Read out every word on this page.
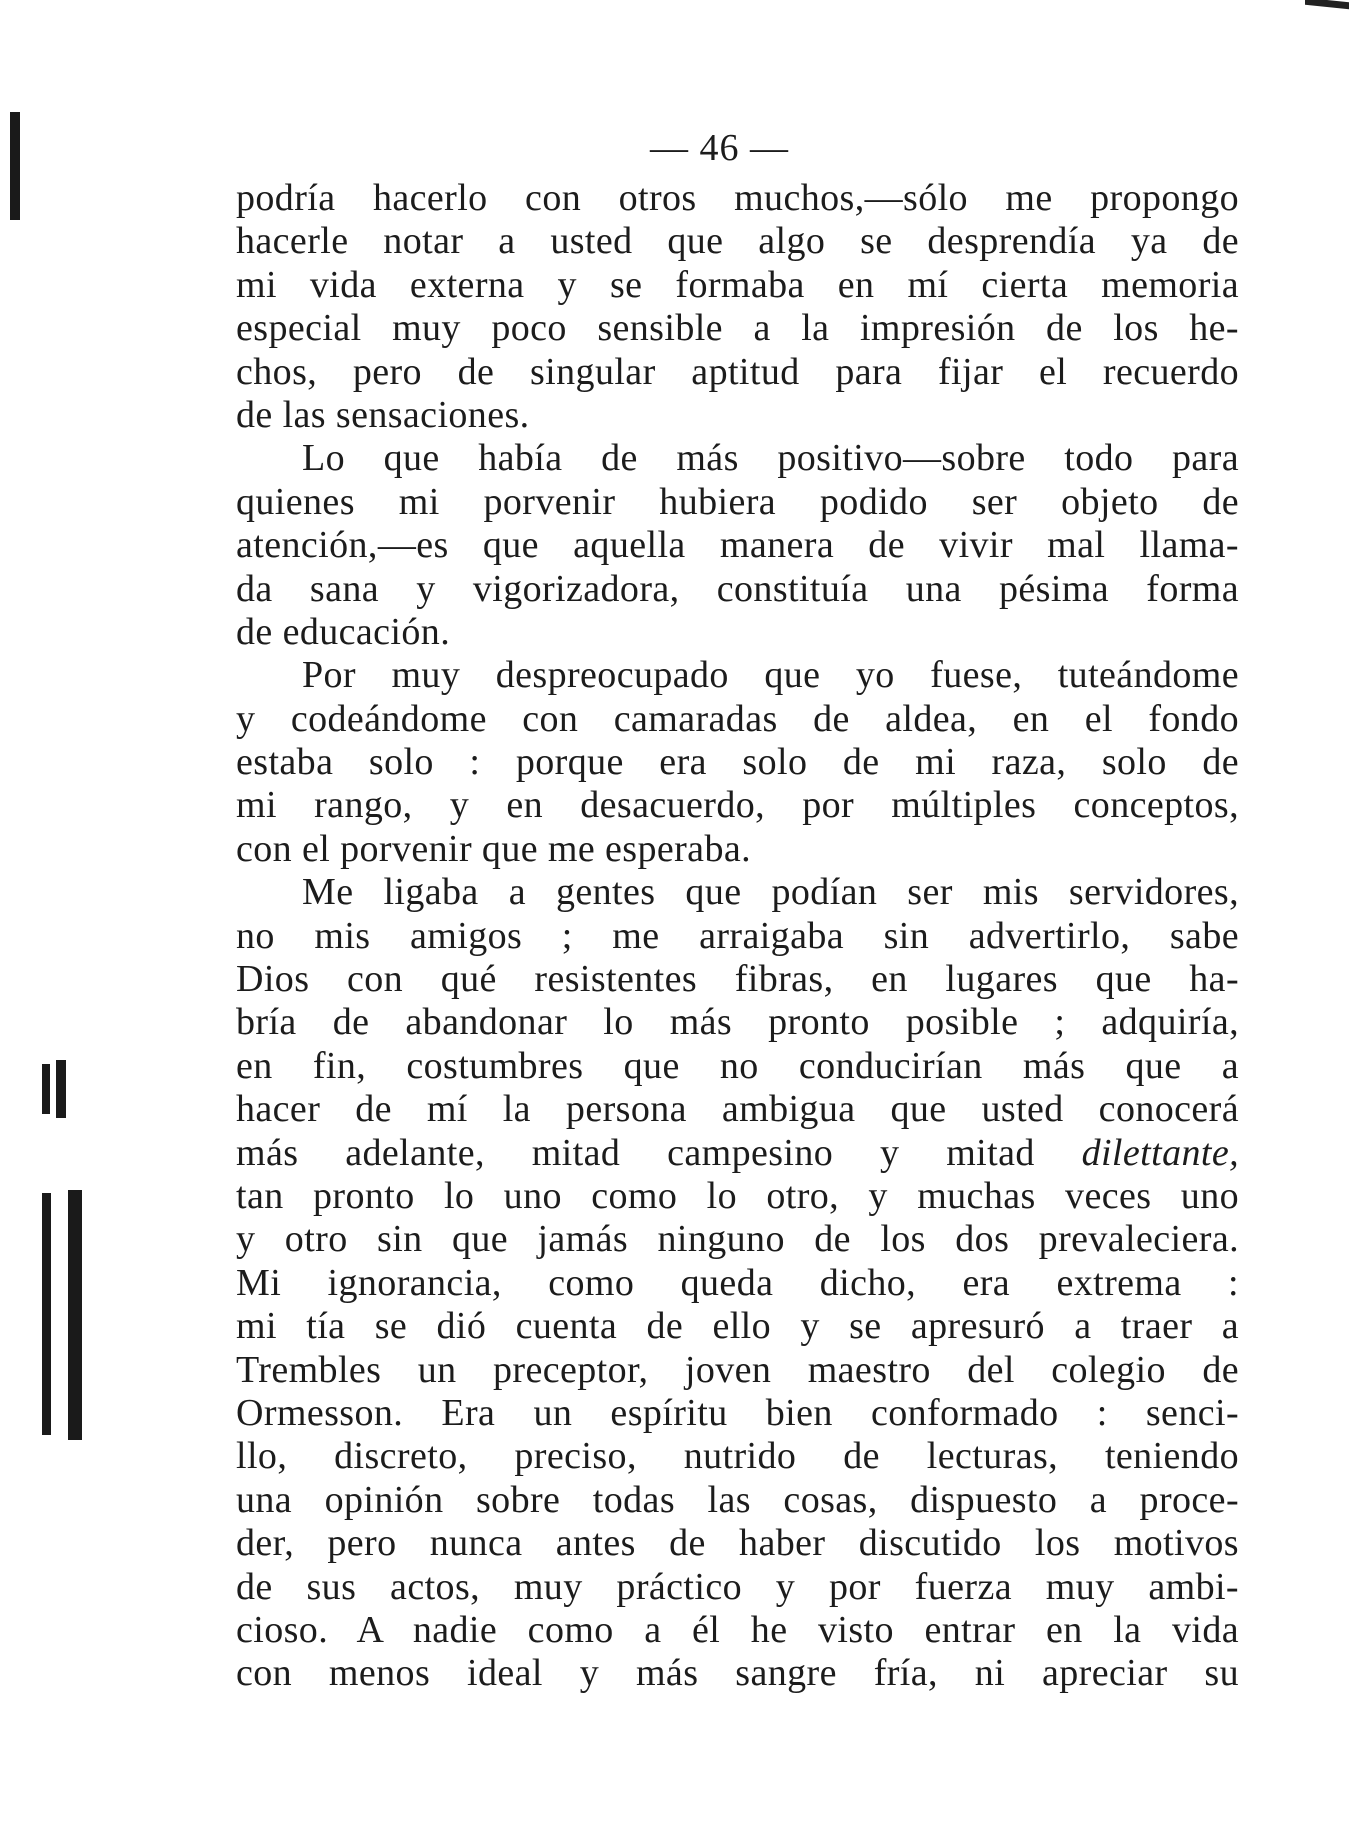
— 46 —
podría hacerlo con otros muchos,—sólo me propongo
hacerle notar a usted que algo se desprendía ya de
mi vida externa y se formaba en mí cierta memoria
especial muy poco sensible a la impresión de los he-
chos, pero de singular aptitud para fijar el recuerdo
de las sensaciones.
Lo que había de más positivo—sobre todo para
quienes mi porvenir hubiera podido ser objeto de
atención,—es que aquella manera de vivir mal llama-
da sana y vigorizadora, constituía una pésima forma
de educación.
Por muy despreocupado que yo fuese, tuteándome
y codeándome con camaradas de aldea, en el fondo
estaba solo : porque era solo de mi raza, solo de
mi rango, y en desacuerdo, por múltiples conceptos,
con el porvenir que me esperaba.
Me ligaba a gentes que podían ser mis servidores,
no mis amigos ; me arraigaba sin advertirlo, sabe
Dios con qué resistentes fibras, en lugares que ha-
bría de abandonar lo más pronto posible ; adquiría,
en fin, costumbres que no conducirían más que a
hacer de mí la persona ambigua que usted conocerá
más adelante, mitad campesino y mitad dilettante,
tan pronto lo uno como lo otro, y muchas veces uno
y otro sin que jamás ninguno de los dos prevaleciera.
Mi ignorancia, como queda dicho, era extrema :
mi tía se dió cuenta de ello y se apresuró a traer a
Trembles un preceptor, joven maestro del colegio de
Ormesson. Era un espíritu bien conformado : senci-
llo, discreto, preciso, nutrido de lecturas, teniendo
una opinión sobre todas las cosas, dispuesto a proce-
der, pero nunca antes de haber discutido los motivos
de sus actos, muy práctico y por fuerza muy ambi-
cioso. A nadie como a él he visto entrar en la vida
con menos ideal y más sangre fría, ni apreciar su
